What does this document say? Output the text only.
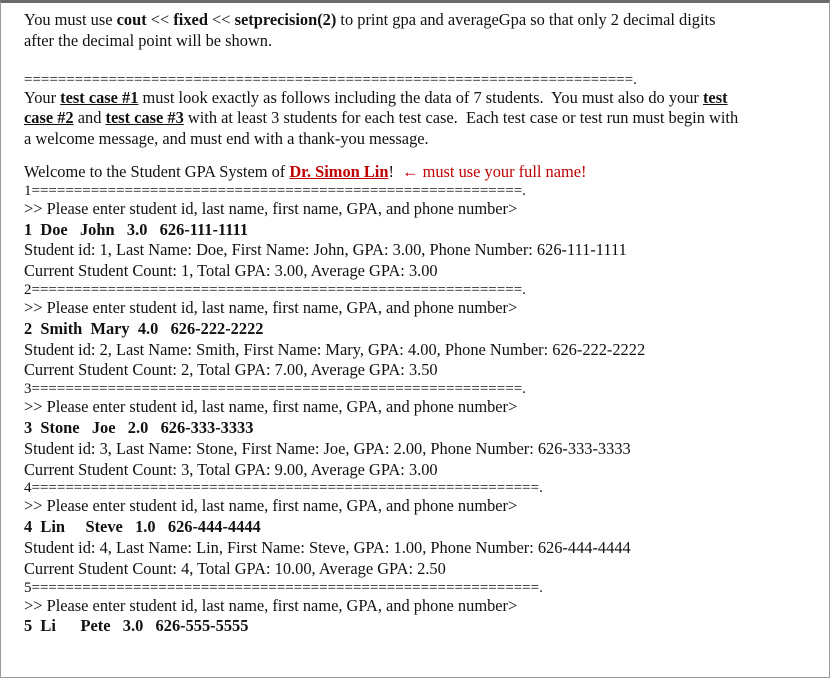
You must use cout << fixed << setprecision(2) to print gpa and averageGpa so that only 2 decimal digits
after the decimal point will be shown.
========================================================================.
Your test case #1 must look exactly as follows including the data of 7 students.  You must also do your test
case #2 and test case #3 with at least 3 students for each test case.  Each test case or test run must begin with
a welcome message, and must end with a thank-you message.
Welcome to the Student GPA System of Dr. Simon Lin!  ← must use your full name!
1==========================================================.
>> Please enter student id, last name, first name, GPA, and phone number>
1  Doe   John   3.0   626-111-1111
Student id: 1, Last Name: Doe, First Name: John, GPA: 3.00, Phone Number: 626-111-1111
Current Student Count: 1, Total GPA: 3.00, Average GPA: 3.00
2==========================================================.
>> Please enter student id, last name, first name, GPA, and phone number>
2  Smith  Mary  4.0   626-222-2222
Student id: 2, Last Name: Smith, First Name: Mary, GPA: 4.00, Phone Number: 626-222-2222
Current Student Count: 2, Total GPA: 7.00, Average GPA: 3.50
3==========================================================.
>> Please enter student id, last name, first name, GPA, and phone number>
3  Stone   Joe   2.0   626-333-3333
Student id: 3, Last Name: Stone, First Name: Joe, GPA: 2.00, Phone Number: 626-333-3333
Current Student Count: 3, Total GPA: 9.00, Average GPA: 3.00
4============================================================.
>> Please enter student id, last name, first name, GPA, and phone number>
4  Lin     Steve   1.0   626-444-4444
Student id: 4, Last Name: Lin, First Name: Steve, GPA: 1.00, Phone Number: 626-444-4444
Current Student Count: 4, Total GPA: 10.00, Average GPA: 2.50
5============================================================.
>> Please enter student id, last name, first name, GPA, and phone number>
5  Li      Pete   3.0   626-555-5555
